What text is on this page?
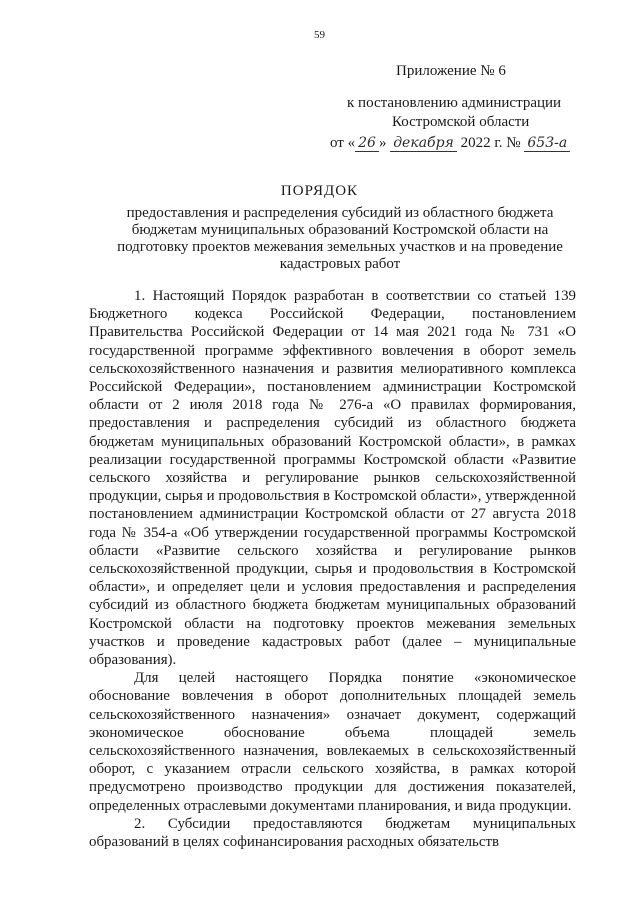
59
Приложение № 6
к постановлению администрации
Костромской области
от « 26 » декабря 2022 г. № 653-а
ПОРЯДОК

предоставления и распределения субсидий из областного бюджета бюджетам муниципальных образований Костромской области на подготовку проектов межевания земельных участков и на проведение кадастровых работ

1. Настоящий Порядок разработан в соответствии со статьей 139 Бюджетного кодекса Российской Федерации, постановлением Правительства Российской Федерации от 14 мая 2021 года № 731 «О государственной программе эффективного вовлечения в оборот земель сельскохозяйственного назначения и развития мелиоративного комплекса Российской Федерации», постановлением администрации Костромской области от 2 июля 2018 года № 276-а «О правилах формирования, предоставления и распределения субсидий из областного бюджета бюджетам муниципальных образований Костромской области», в рамках реализации государственной программы Костромской области «Развитие сельского хозяйства и регулирование рынков сельскохозяйственной продукции, сырья и продовольствия в Костромской области», утвержденной постановлением администрации Костромской области от 27 августа 2018 года № 354-а «Об утверждении государственной программы Костромской области «Развитие сельского хозяйства и регулирование рынков сельскохозяйственной продукции, сырья и продовольствия в Костромской области», и определяет цели и условия предоставления и распределения субсидий из областного бюджета бюджетам муниципальных образований Костромской области на подготовку проектов межевания земельных участков и проведение кадастровых работ (далее – муниципальные образования).

Для целей настоящего Порядка понятие «экономическое обоснование вовлечения в оборот дополнительных площадей земель сельскохозяйственного назначения» означает документ, содержащий экономическое обоснование объема площадей земель сельскохозяйственного назначения, вовлекаемых в сельскохозяйственный оборот, с указанием отрасли сельского хозяйства, в рамках которой предусмотрено производство продукции для достижения показателей, определенных отраслевыми документами планирования, и вида продукции.

2. Субсидии предоставляются бюджетам муниципальных образований в целях софинансирования расходных обязательств
